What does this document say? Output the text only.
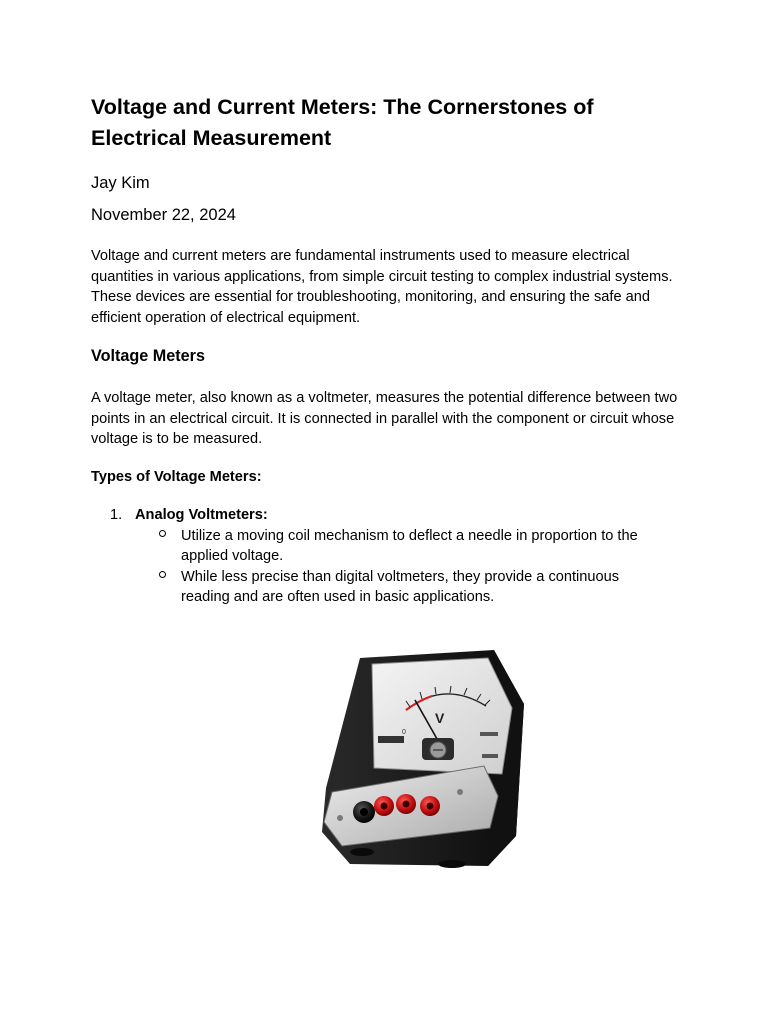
Voltage and Current Meters: The Cornerstones of Electrical Measurement

Jay Kim

November 22, 2024

Voltage and current meters are fundamental instruments used to measure electrical quantities in various applications, from simple circuit testing to complex industrial systems. These devices are essential for troubleshooting, monitoring, and ensuring the safe and efficient operation of electrical equipment.

Voltage Meters

A voltage meter, also known as a voltmeter, measures the potential difference between two points in an electrical circuit. It is connected in parallel with the component or circuit whose voltage is to be measured.

Types of Voltage Meters:
1. Analog Voltmeters:
Utilize a moving coil mechanism to deflect a needle in proportion to the applied voltage.
While less precise than digital voltmeters, they provide a continuous reading and are often used in basic applications.
V
0
